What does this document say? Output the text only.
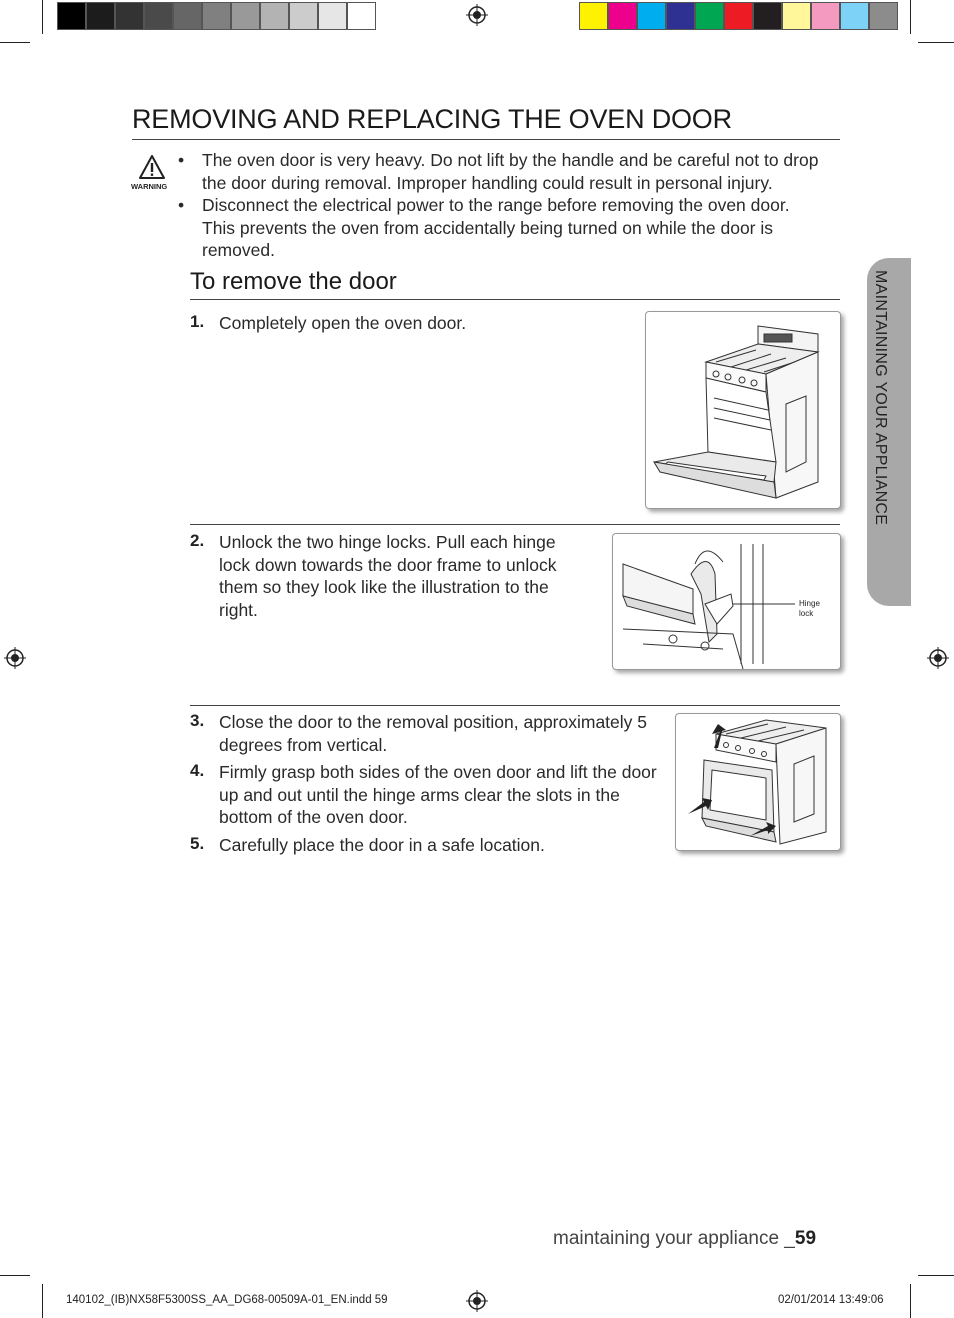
REMOVING AND REPLACING THE OVEN DOOR
WARNING
• The oven door is very heavy. Do not lift by the handle and be careful not to drop the door during removal. Improper handling could result in personal injury.
• Disconnect the electrical power to the range before removing the oven door. This prevents the oven from accidentally being turned on while the door is removed.
To remove the door
1. Completely open the oven door.
2. Unlock the two hinge locks. Pull each hinge lock down towards the door frame to unlock them so they look like the illustration to the right.	Hinge
lock
3. Close the door to the removal position, approximately 5 degrees from vertical.
4. Firmly grasp both sides of the oven door and lift the door up and out until the hinge arms clear the slots in the bottom of the oven door.
5. Carefully place the door in a safe location.
MAINTAINING YOUR APPLIANCE
maintaining your appliance _59
140102_(IB)NX58F5300SS_AA_DG68-00509A-01_EN.indd 59	02/01/2014 13:49:06
